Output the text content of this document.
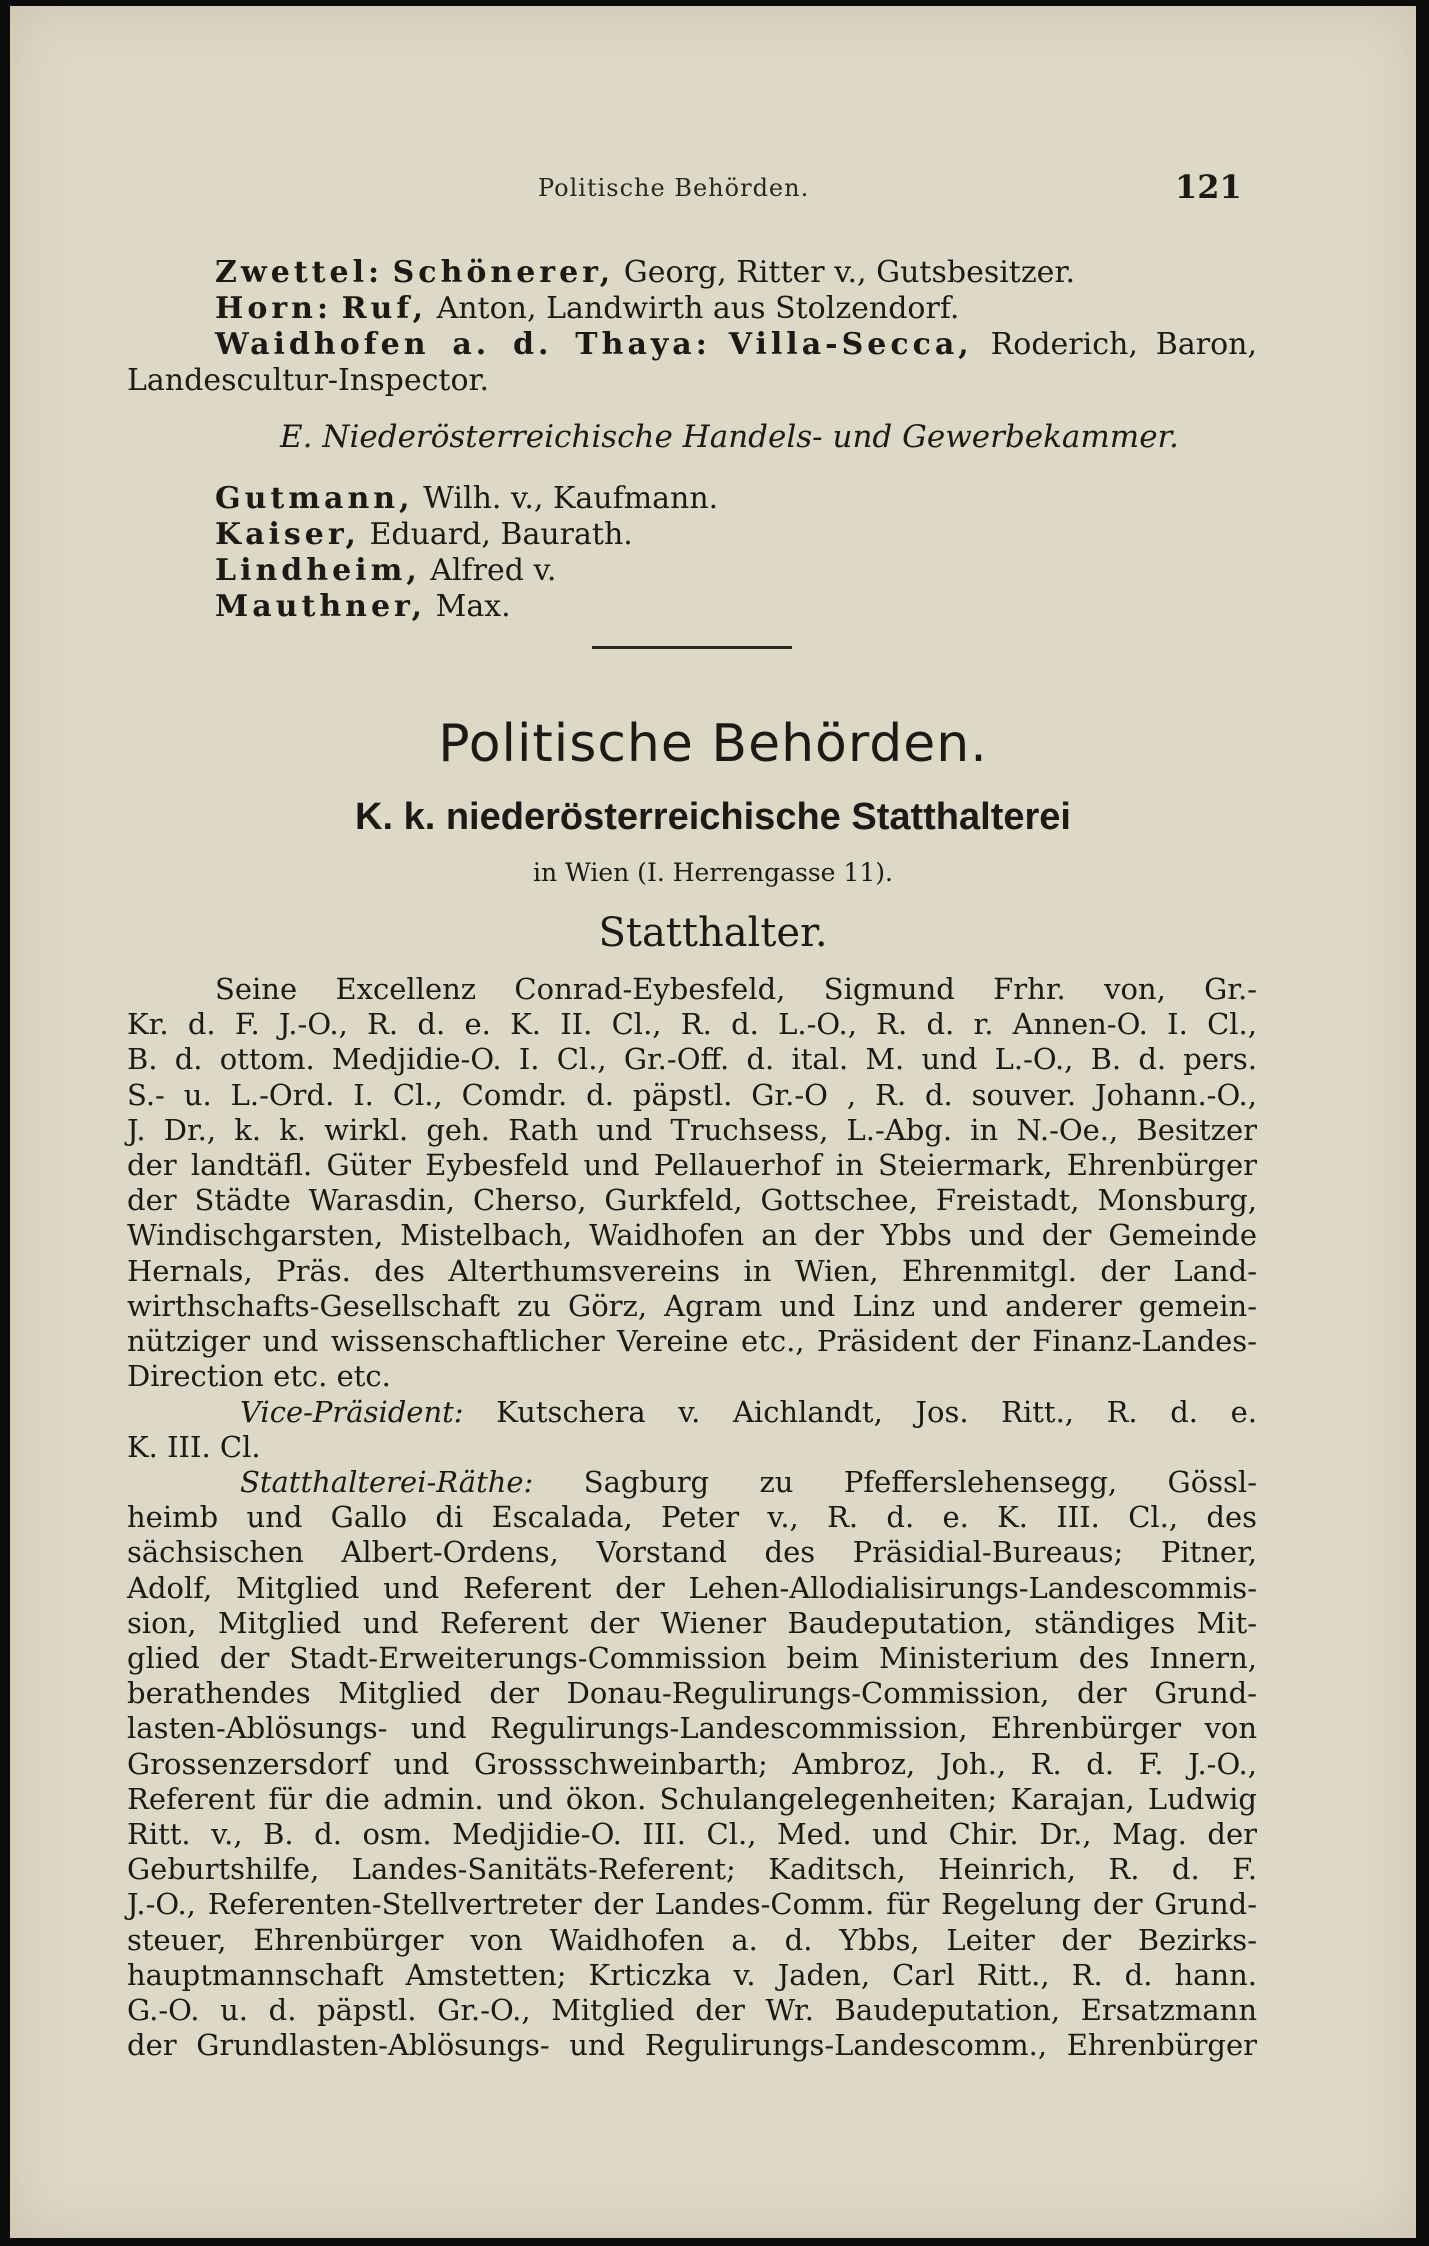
Politische Behörden.	121
Zwettel: Schönerer, Georg, Ritter v., Gutsbesitzer.
Horn: Ruf, Anton, Landwirth aus Stolzendorf.
Waidhofen a. d. Thaya: Villa-Secca, Roderich, Baron,
Landescultur-Inspector.
E. Niederösterreichische Handels- und Gewerbekammer.
Gutmann, Wilh. v., Kaufmann.
Kaiser, Eduard, Baurath.
Lindheim, Alfred v.
Mauthner, Max.
Politische Behörden.
K. k. niederösterreichische Statthalterei
in Wien (I. Herrengasse 11).
Statthalter.
Seine Excellenz Conrad-Eybesfeld, Sigmund Frhr. von, Gr.-
Kr. d. F. J.-O., R. d. e. K. II. Cl., R. d. L.-O., R. d. r. Annen-O. I. Cl.,
B. d. ottom. Medjidie-O. I. Cl., Gr.-Off. d. ital. M. und L.-O., B. d. pers.
S.- u. L.-Ord. I. Cl., Comdr. d. päpstl. Gr.-O , R. d. souver. Johann.-O.,
J. Dr., k. k. wirkl. geh. Rath und Truchsess, L.-Abg. in N.-Oe., Besitzer
der landtäfl. Güter Eybesfeld und Pellauerhof in Steiermark, Ehrenbürger
der Städte Warasdin, Cherso, Gurkfeld, Gottschee, Freistadt, Monsburg,
Windischgarsten, Mistelbach, Waidhofen an der Ybbs und der Gemeinde
Hernals, Präs. des Alterthumsvereins in Wien, Ehrenmitgl. der Land-
wirthschafts-Gesellschaft zu Görz, Agram und Linz und anderer gemein-
nütziger und wissenschaftlicher Vereine etc., Präsident der Finanz-Landes-
Direction etc. etc.
Vice-Präsident: Kutschera v. Aichlandt, Jos. Ritt., R. d. e.
K. III. Cl.
Statthalterei-Räthe: Sagburg zu Pfefferslehensegg, Gössl-
heimb und Gallo di Escalada, Peter v., R. d. e. K. III. Cl., des
sächsischen Albert-Ordens, Vorstand des Präsidial-Bureaus; Pitner,
Adolf, Mitglied und Referent der Lehen-Allodialisirungs-Landescommis-
sion, Mitglied und Referent der Wiener Baudeputation, ständiges Mit-
glied der Stadt-Erweiterungs-Commission beim Ministerium des Innern,
berathendes Mitglied der Donau-Regulirungs-Commission, der Grund-
lasten-Ablösungs- und Regulirungs-Landescommission, Ehrenbürger von
Grossenzersdorf und Grossschweinbarth; Ambroz, Joh., R. d. F. J.-O.,
Referent für die admin. und ökon. Schulangelegenheiten; Karajan, Ludwig
Ritt. v., B. d. osm. Medjidie-O. III. Cl., Med. und Chir. Dr., Mag. der
Geburtshilfe, Landes-Sanitäts-Referent; Kaditsch, Heinrich, R. d. F.
J.-O., Referenten-Stellvertreter der Landes-Comm. für Regelung der Grund-
steuer, Ehrenbürger von Waidhofen a. d. Ybbs, Leiter der Bezirks-
hauptmannschaft Amstetten; Krticzka v. Jaden, Carl Ritt., R. d. hann.
G.-O. u. d. päpstl. Gr.-O., Mitglied der Wr. Baudeputation, Ersatzmann
der Grundlasten-Ablösungs- und Regulirungs-Landescomm., Ehrenbürger
